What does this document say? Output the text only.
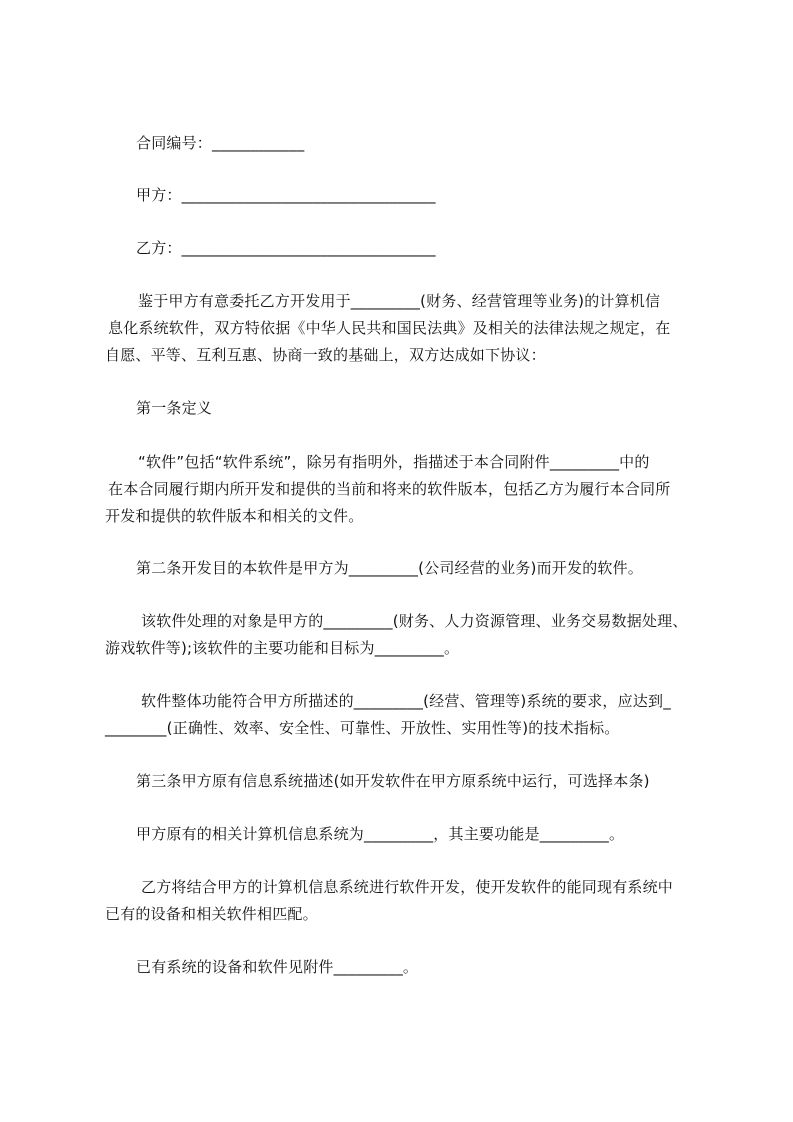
合同编号：____________
甲方：_________________________________
乙方：_________________________________
鉴于甲方有意委托乙方开发用于_________(财务、经营管理等业务)的计算机信
息化系统软件，双方特依据《中华人民共和国民法典》及相关的法律法规之规定，在
自愿、平等、互利互惠、协商一致的基础上，双方达成如下协议：
第一条定义
“软件”包括“软件系统”，除另有指明外，指描述于本合同附件_________中的
在本合同履行期内所开发和提供的当前和将来的软件版本，包括乙方为履行本合同所
开发和提供的软件版本和相关的文件。
第二条开发目的本软件是甲方为_________(公司经营的业务)而开发的软件。
该软件处理的对象是甲方的_________(财务、人力资源管理、业务交易数据处理、
游戏软件等);该软件的主要功能和目标为_________。
软件整体功能符合甲方所描述的_________(经营、管理等)系统的要求，应达到_
________(正确性、效率、安全性、可靠性、开放性、实用性等)的技术指标。
第三条甲方原有信息系统描述(如开发软件在甲方原系统中运行，可选择本条)
甲方原有的相关计算机信息系统为_________，其主要功能是_________。
乙方将结合甲方的计算机信息系统进行软件开发，使开发软件的能同现有系统中
已有的设备和相关软件相匹配。
已有系统的设备和软件见附件_________。
